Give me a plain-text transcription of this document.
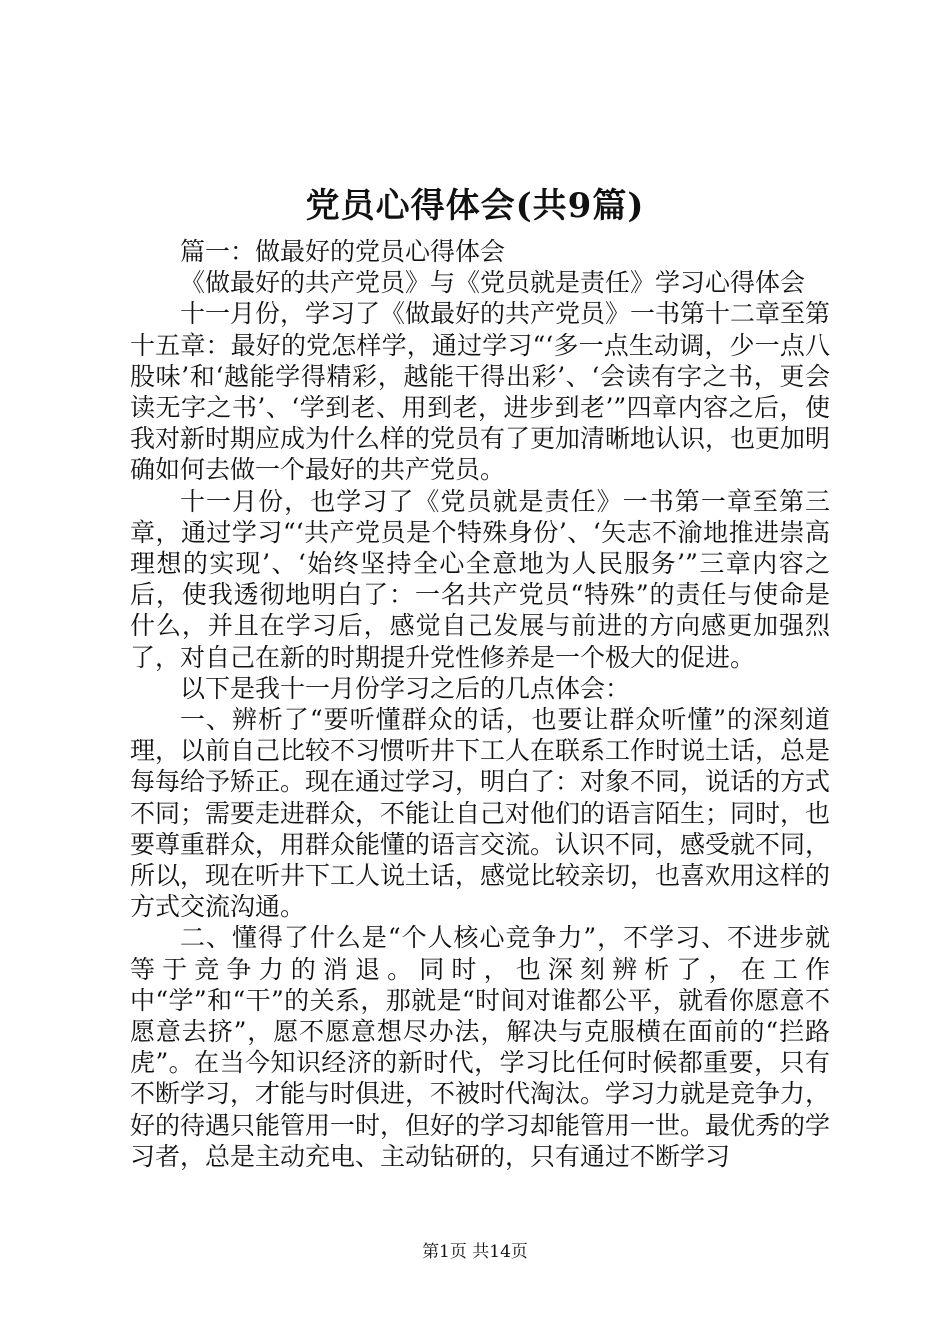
党员心得体会(共9篇)

篇一：做最好的党员心得体会

《做最好的共产党员》与《党员就是责任》学习心得体会

十一月份，学习了《做最好的共产党员》一书第十二章至第十五章：最好的党怎样学，通过学习“‘多一点生动调，少一点八股味’和‘越能学得精彩，越能干得出彩’、‘会读有字之书，更会读无字之书’、‘学到老、用到老，进步到老’”四章内容之后，使我对新时期应成为什么样的党员有了更加清晰地认识，也更加明确如何去做一个最好的共产党员。

十一月份，也学习了《党员就是责任》一书第一章至第三章，通过学习“‘共产党员是个特殊身份’、‘矢志不渝地推进崇高理想的实现’、‘始终坚持全心全意地为人民服务’”三章内容之后，使我透彻地明白了：一名共产党员“特殊”的责任与使命是什么，并且在学习后，感觉自己发展与前进的方向感更加强烈了，对自己在新的时期提升党性修养是一个极大的促进。

以下是我十一月份学习之后的几点体会：

一、辨析了“要听懂群众的话，也要让群众听懂”的深刻道理，以前自己比较不习惯听井下工人在联系工作时说土话，总是每每给予矫正。现在通过学习，明白了：对象不同，说话的方式不同；需要走进群众，不能让自己对他们的语言陌生；同时，也要尊重群众，用群众能懂的语言交流。认识不同，感受就不同，所以，现在听井下工人说土话，感觉比较亲切，也喜欢用这样的方式交流沟通。

二、懂得了什么是“个人核心竞争力”，不学习、不进步就等于竞争力的消退。同时，也深刻辨析了，在工作中“学”和“干”的关系，那就是“时间对谁都公平，就看你愿意不愿意去挤”，愿不愿意想尽办法，解决与克服横在面前的“拦路虎”。在当今知识经济的新时代，学习比任何时候都重要，只有不断学习，才能与时俱进，不被时代淘汰。学习力就是竞争力，好的待遇只能管用一时，但好的学习却能管用一世。最优秀的学习者，总是主动充电、主动钻研的，只有通过不断学习

第1页 共14页
